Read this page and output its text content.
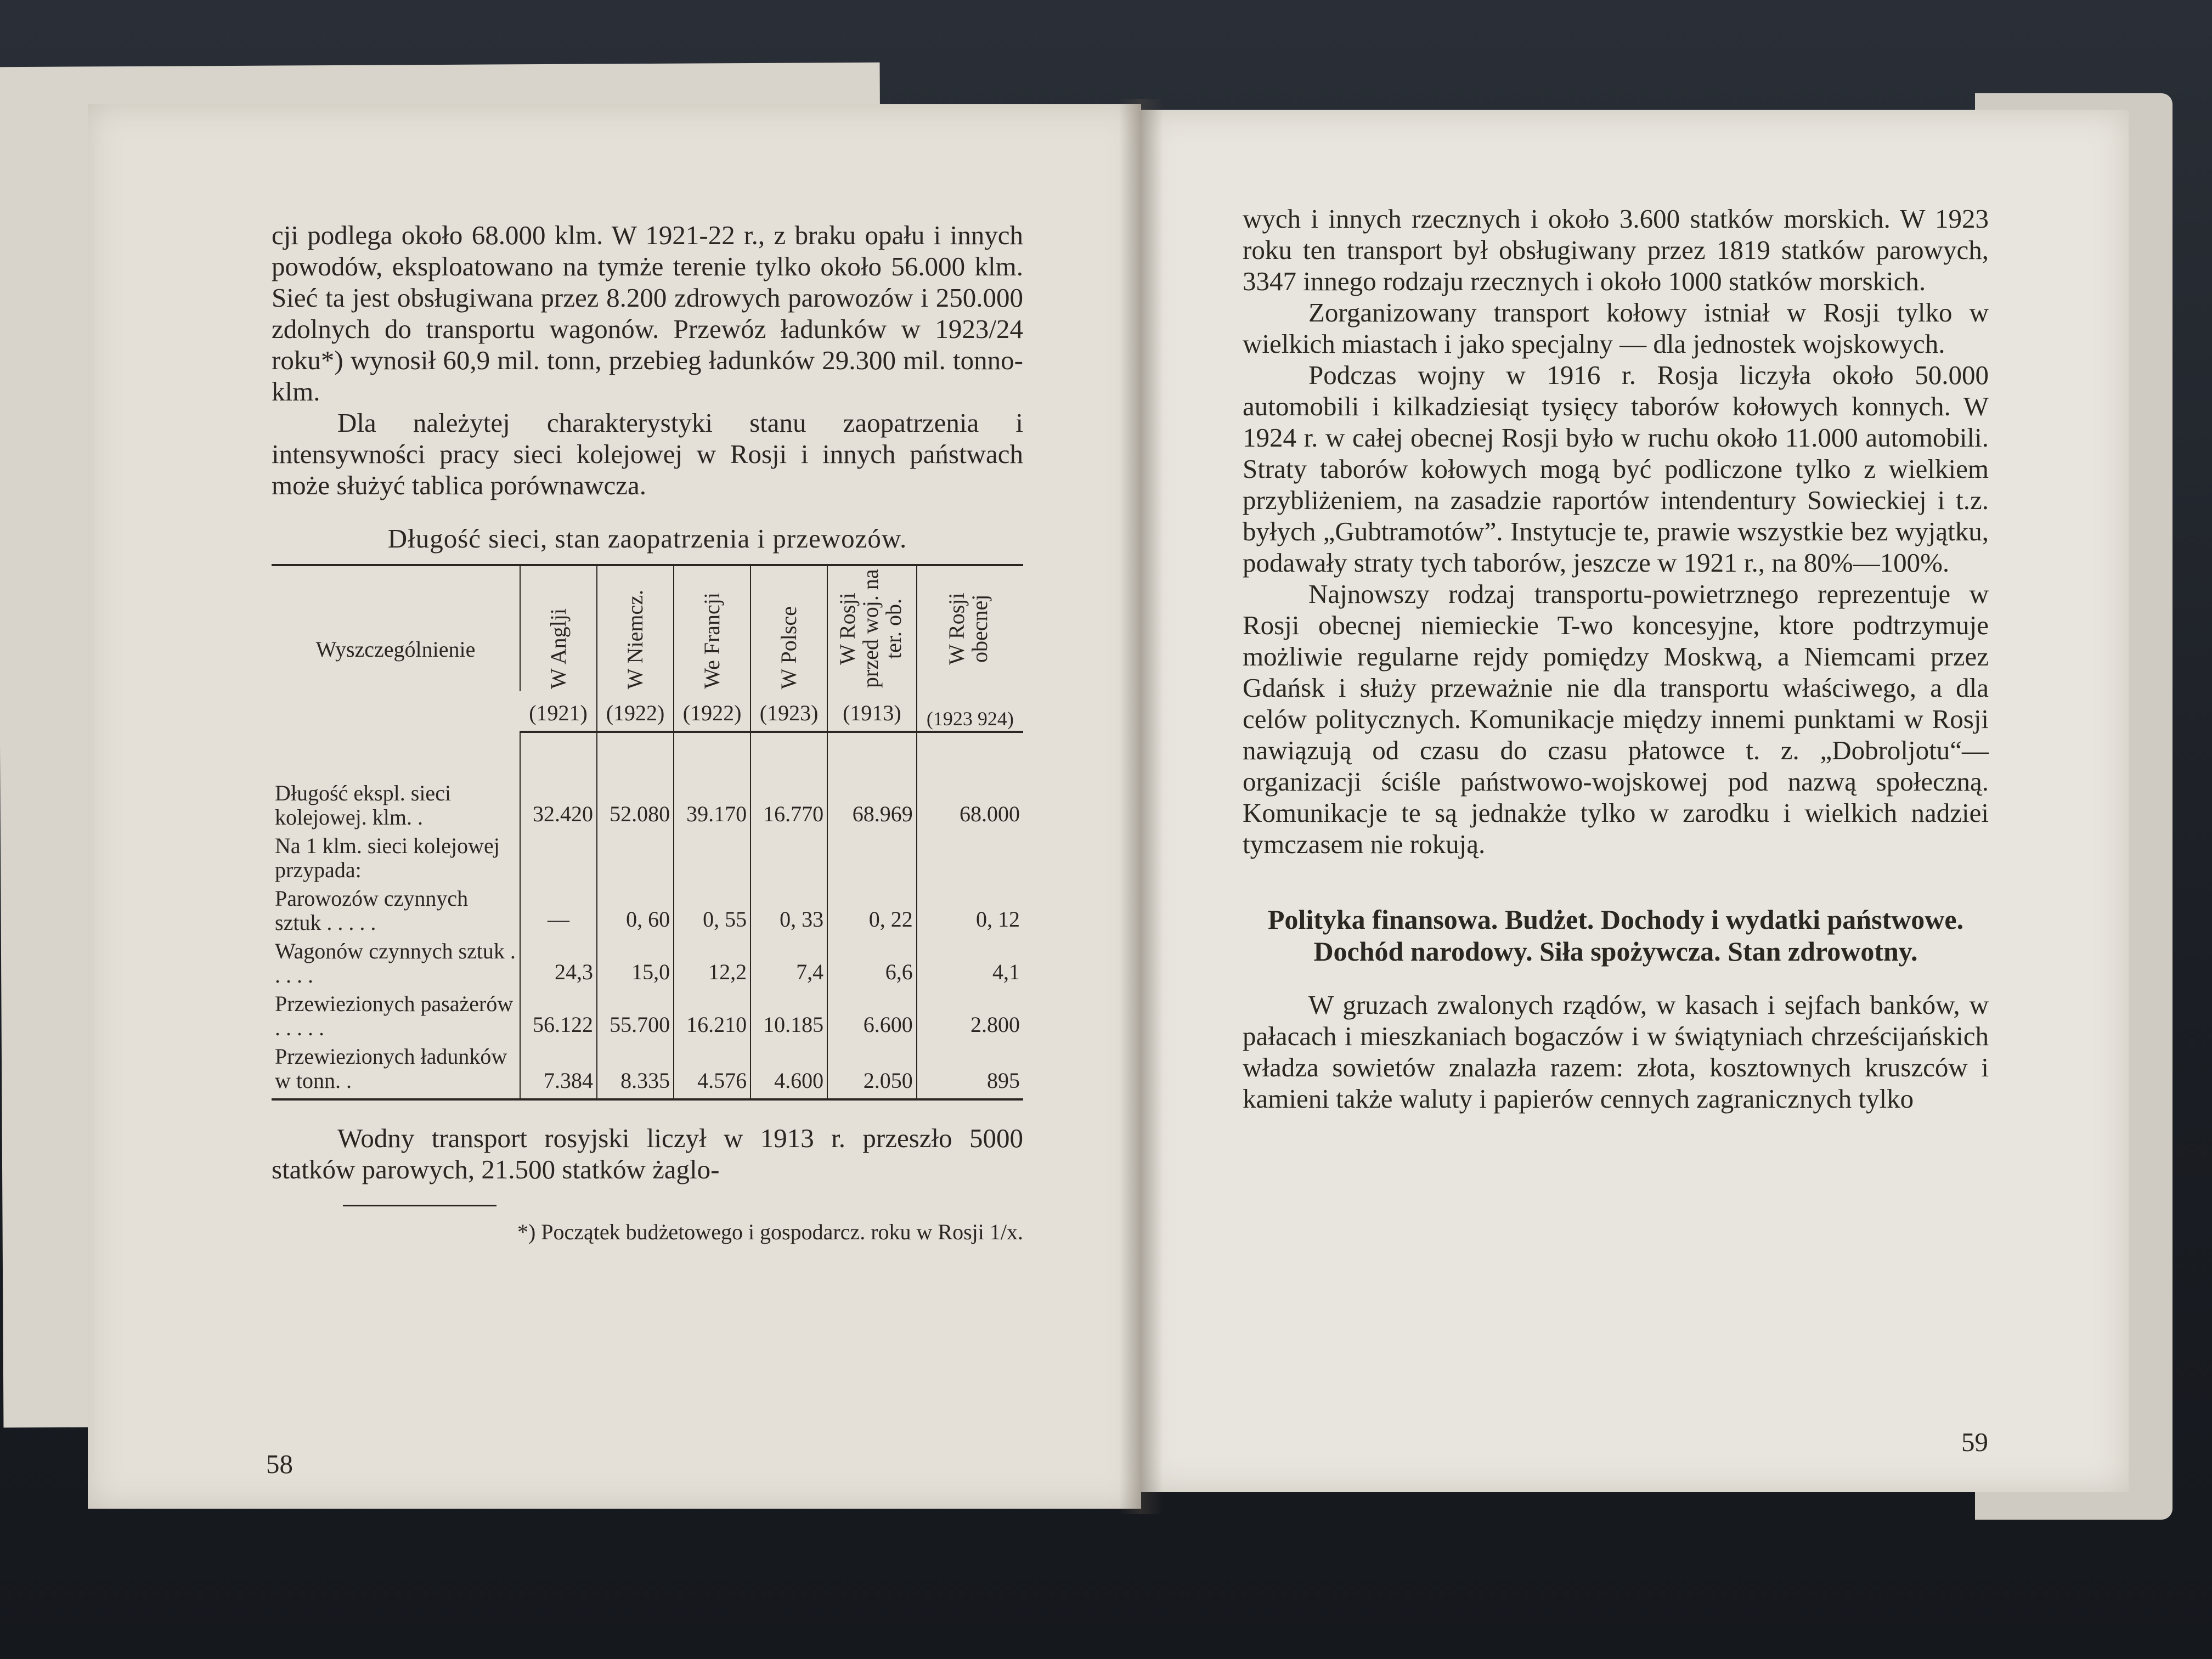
cji podlega około 68.000 klm. W 1921-22 r., z braku opału i innych powodów, eksploatowano na tymże terenie tylko około 56.000 klm. Sieć ta jest obsługiwana przez 8.200 zdrowych parowozów i 250.000 zdolnych do transportu wagonów. Przewóz ładunków w 1923/24 roku*) wynosił 60,9 mil. tonn, przebieg ładunków 29.300 mil. tonno-klm.

Dla należytej charakterystyki stanu zaopatrzenia i intensywności pracy sieci kolejowej w Rosji i innych państwach może służyć tablica porównawcza.

Długość sieci, stan zaopatrzenia i przewozów.
Wyszczególnienie	W Anglji	W Niemcz.	We Francji	W Polsce	W Rosji przed woj. na ter. ob.	W Rosji obecnej

	(1921)	(1922)	(1922)	(1923)	(1913)	(1923 924)
Długość ekspl. sieci kolejowej. klm. .	32.420	52.080	39.170	16.770	68.969	68.000
Na 1 klm. sieci kolejowej przypada:						
Parowozów czynnych sztuk . . . . .	—	0, 60	0, 55	0, 33	0, 22	0, 12
Wagonów czynnych sztuk . . . . .	24,3	15,0	12,2	7,4	6,6	4,1
Przewiezionych pasażerów . . . . .	56.122	55.700	16.210	10.185	6.600	2.800
Przewiezionych ładunków w tonn. .	7.384	8.335	4.576	4.600	2.050	895

Wodny transport rosyjski liczył w 1913 r. przeszło 5000 statków parowych, 21.500 statków żaglo-

*) Początek budżetowego i gospodarcz. roku w Rosji 1/x.

58

wych i innych rzecznych i około 3.600 statków morskich. W 1923 roku ten transport był obsługiwany przez 1819 statków parowych, 3347 innego rodzaju rzecznych i około 1000 statków morskich.

Zorganizowany transport kołowy istniał w Rosji tylko w wielkich miastach i jako specjalny — dla jednostek wojskowych.

Podczas wojny w 1916 r. Rosja liczyła około 50.000 automobili i kilkadziesiąt tysięcy taborów kołowych konnych. W 1924 r. w całej obecnej Rosji było w ruchu około 11.000 automobili. Straty taborów kołowych mogą być podliczone tylko z wielkiem przybliżeniem, na zasadzie raportów intendentury Sowieckiej i t.z. byłych „Gubtramotów”. Instytucje te, prawie wszystkie bez wyjątku, podawały straty tych taborów, jeszcze w 1921 r., na 80%—100%.

Najnowszy rodzaj transportu-powietrznego reprezentuje w Rosji obecnej niemieckie T-wo koncesyjne, ktore podtrzymuje możliwie regularne rejdy pomiędzy Moskwą, a Niemcami przez Gdańsk i służy przeważnie nie dla transportu właściwego, a dla celów politycznych. Komunikacje między innemi punktami w Rosji nawiązują od czasu do czasu płatowce t. z. „Dobroljotu“—organizacji ściśle państwowo-wojskowej pod nazwą społeczną. Komunikacje te są jednakże tylko w zarodku i wielkich nadziei tymczasem nie rokują.

Polityka finansowa. Budżet. Dochody i wydatki państwowe. Dochód narodowy. Siła spożywcza. Stan zdrowotny.

W gruzach zwalonych rządów, w kasach i sejfach banków, w pałacach i mieszkaniach bogaczów i w świątyniach chrześcijańskich władza sowietów znalazła razem: złota, kosztownych kruszców i kamieni także waluty i papierów cennych zagranicznych tylko

59
